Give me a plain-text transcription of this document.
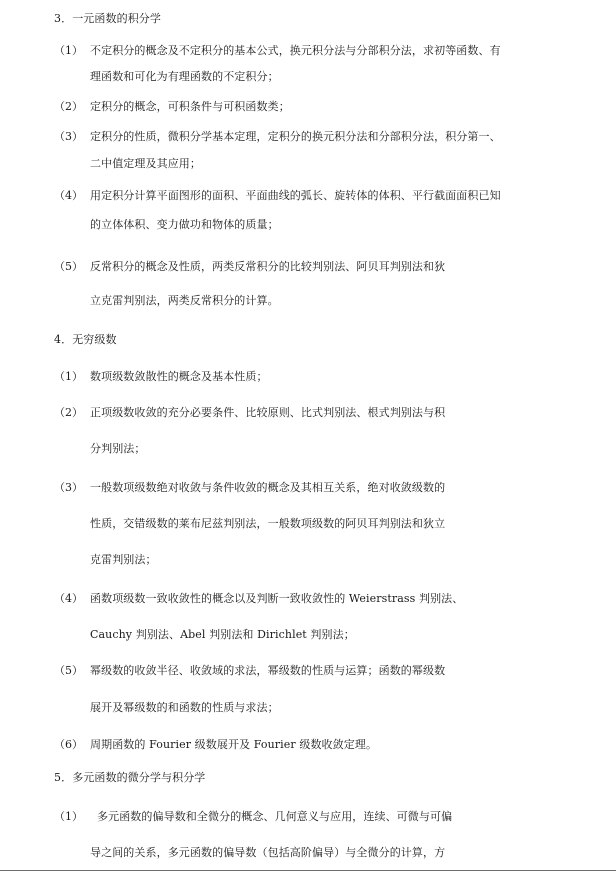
3．一元函数的积分学
（1） 不定积分的概念及不定积分的基本公式，换元积分法与分部积分法，求初等函数、有
理函数和可化为有理函数的不定积分；
（2） 定积分的概念，可积条件与可积函数类；
（3） 定积分的性质，微积分学基本定理，定积分的换元积分法和分部积分法，积分第一、
二中值定理及其应用；
（4） 用定积分计算平面图形的面积、平面曲线的弧长、旋转体的体积、平行截面面积已知
的立体体积、变力做功和物体的质量；
（5） 反常积分的概念及性质，两类反常积分的比较判别法、阿贝耳判别法和狄
立克雷判别法，两类反常积分的计算。
4．无穷级数
（1） 数项级数敛散性的概念及基本性质；
（2） 正项级数收敛的充分必要条件、比较原则、比式判别法、根式判别法与积
分判别法；
（3） 一般数项级数绝对收敛与条件收敛的概念及其相互关系，绝对收敛级数的
性质，交错级数的莱布尼兹判别法，一般数项级数的阿贝耳判别法和狄立
克雷判别法；
（4） 函数项级数一致收敛性的概念以及判断一致收敛性的 Weierstrass 判别法、
Cauchy 判别法、Abel 判别法和 Dirichlet 判别法；
（5） 幂级数的收敛半径、收敛域的求法，幂级数的性质与运算；函数的幂级数
展开及幂级数的和函数的性质与求法；
（6） 周期函数的 Fourier 级数展开及 Fourier 级数收敛定理。
5．多元函数的微分学与积分学
（1） 多元函数的偏导数和全微分的概念、几何意义与应用，连续、可微与可偏
导之间的关系，多元函数的偏导数（包括高阶偏导）与全微分的计算，方
